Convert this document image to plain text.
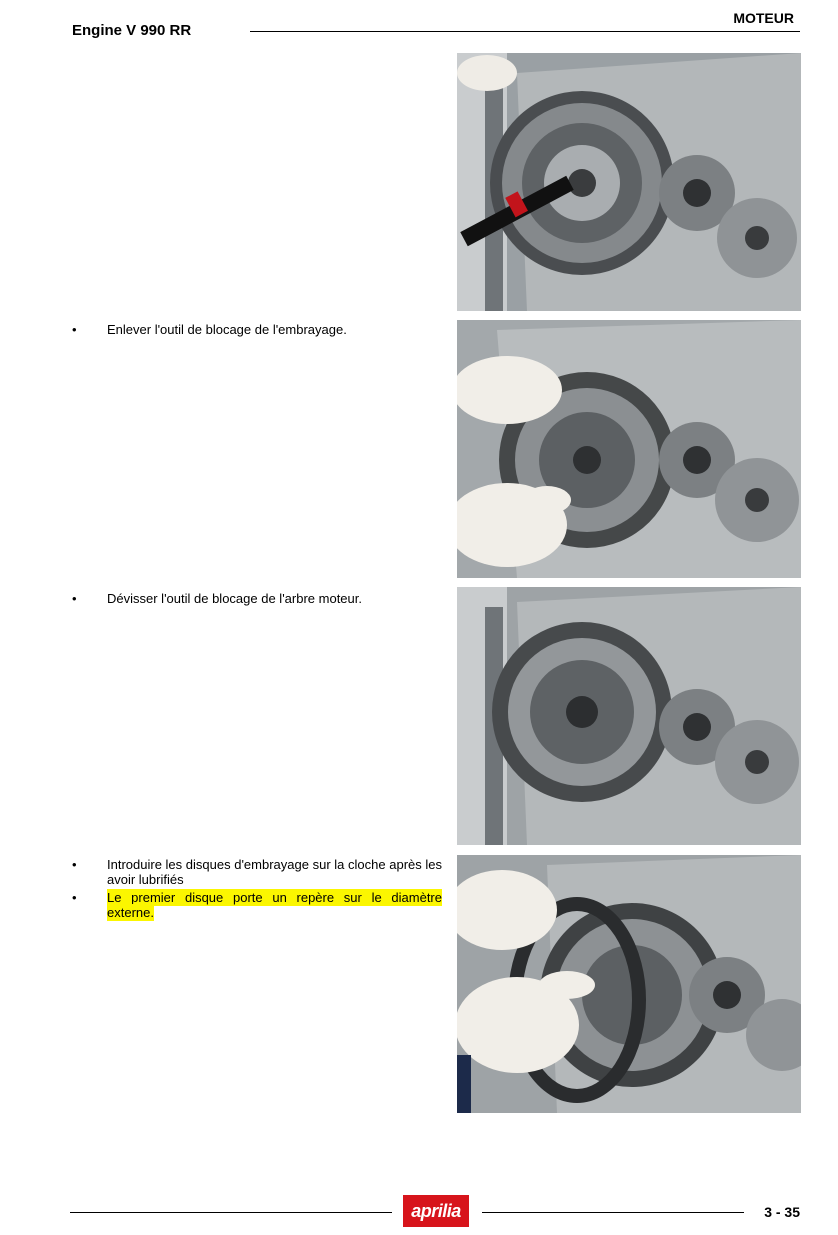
Engine V 990 RR
MOTEUR
•	Enlever l'outil de blocage de l'embrayage.
•	Dévisser l'outil de blocage de l'arbre moteur.
•	Introduire les disques d'embrayage sur la cloche après les avoir lubrifiés
•	Le premier disque porte un repère sur le diamètre externe.
aprilia	3 - 35
